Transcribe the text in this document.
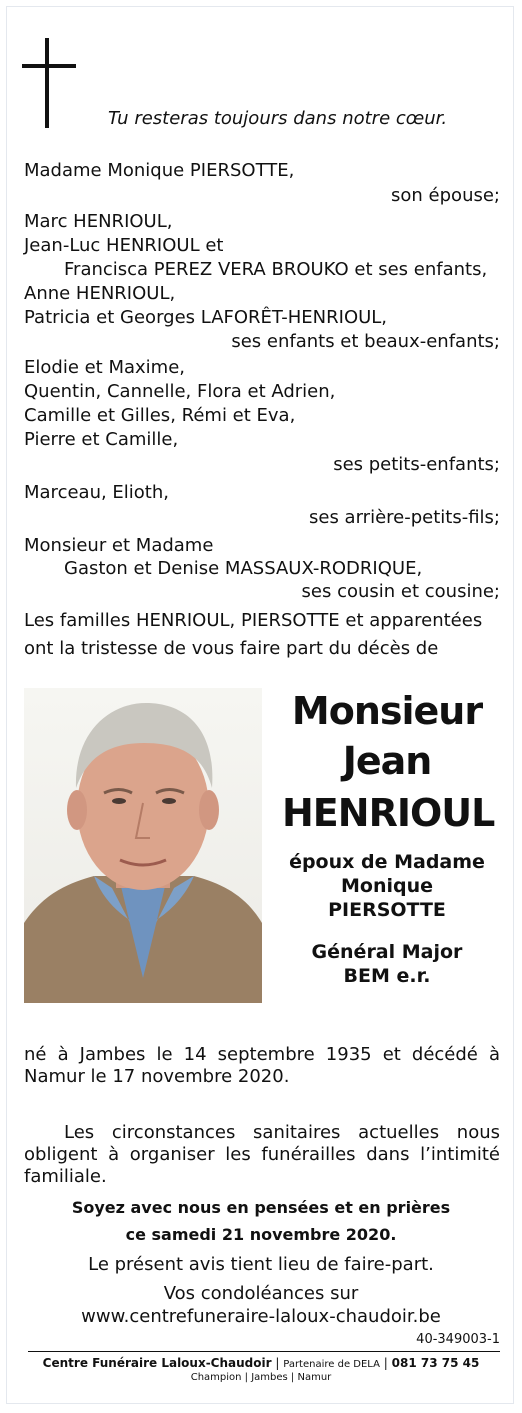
Tu resteras toujours dans notre cœur.
Madame Monique PIERSOTTE,
son épouse;
Marc HENRIOUL,
Jean-Luc HENRIOUL et
Francisca PEREZ VERA BROUKO et ses enfants,
Anne HENRIOUL,
Patricia et Georges LAFORÊT-HENRIOUL,
ses enfants et beaux-enfants;
Elodie et Maxime,
Quentin, Cannelle, Flora et Adrien,
Camille et Gilles, Rémi et Eva,
Pierre et Camille,
ses petits-enfants;
Marceau, Elioth,
ses arrière-petits-fils;
Monsieur et Madame
Gaston et Denise MASSAUX-RODRIQUE,
ses cousin et cousine;
Les familles HENRIOUL, PIERSOTTE et apparentées
ont la tristesse de vous faire part du décès de
Monsieur
Jean
HENRIOUL
époux de Madame
Monique PIERSOTTE
Général Major
BEM e.r.
né à Jambes le 14 septembre 1935 et décédé à Namur le 17 novembre 2020.
Les circonstances sanitaires actuelles nous obligent à organiser les funérailles dans l’intimité familiale.
Soyez avec nous en pensées et en prières
ce samedi 21 novembre 2020.
Le présent avis tient lieu de faire-part.
Vos condoléances sur
www.centrefuneraire-laloux-chaudoir.be
40-349003-1
Centre Funéraire Laloux-Chaudoir | Partenaire de DELA | 081 73 75 45
Champion | Jambes | Namur
